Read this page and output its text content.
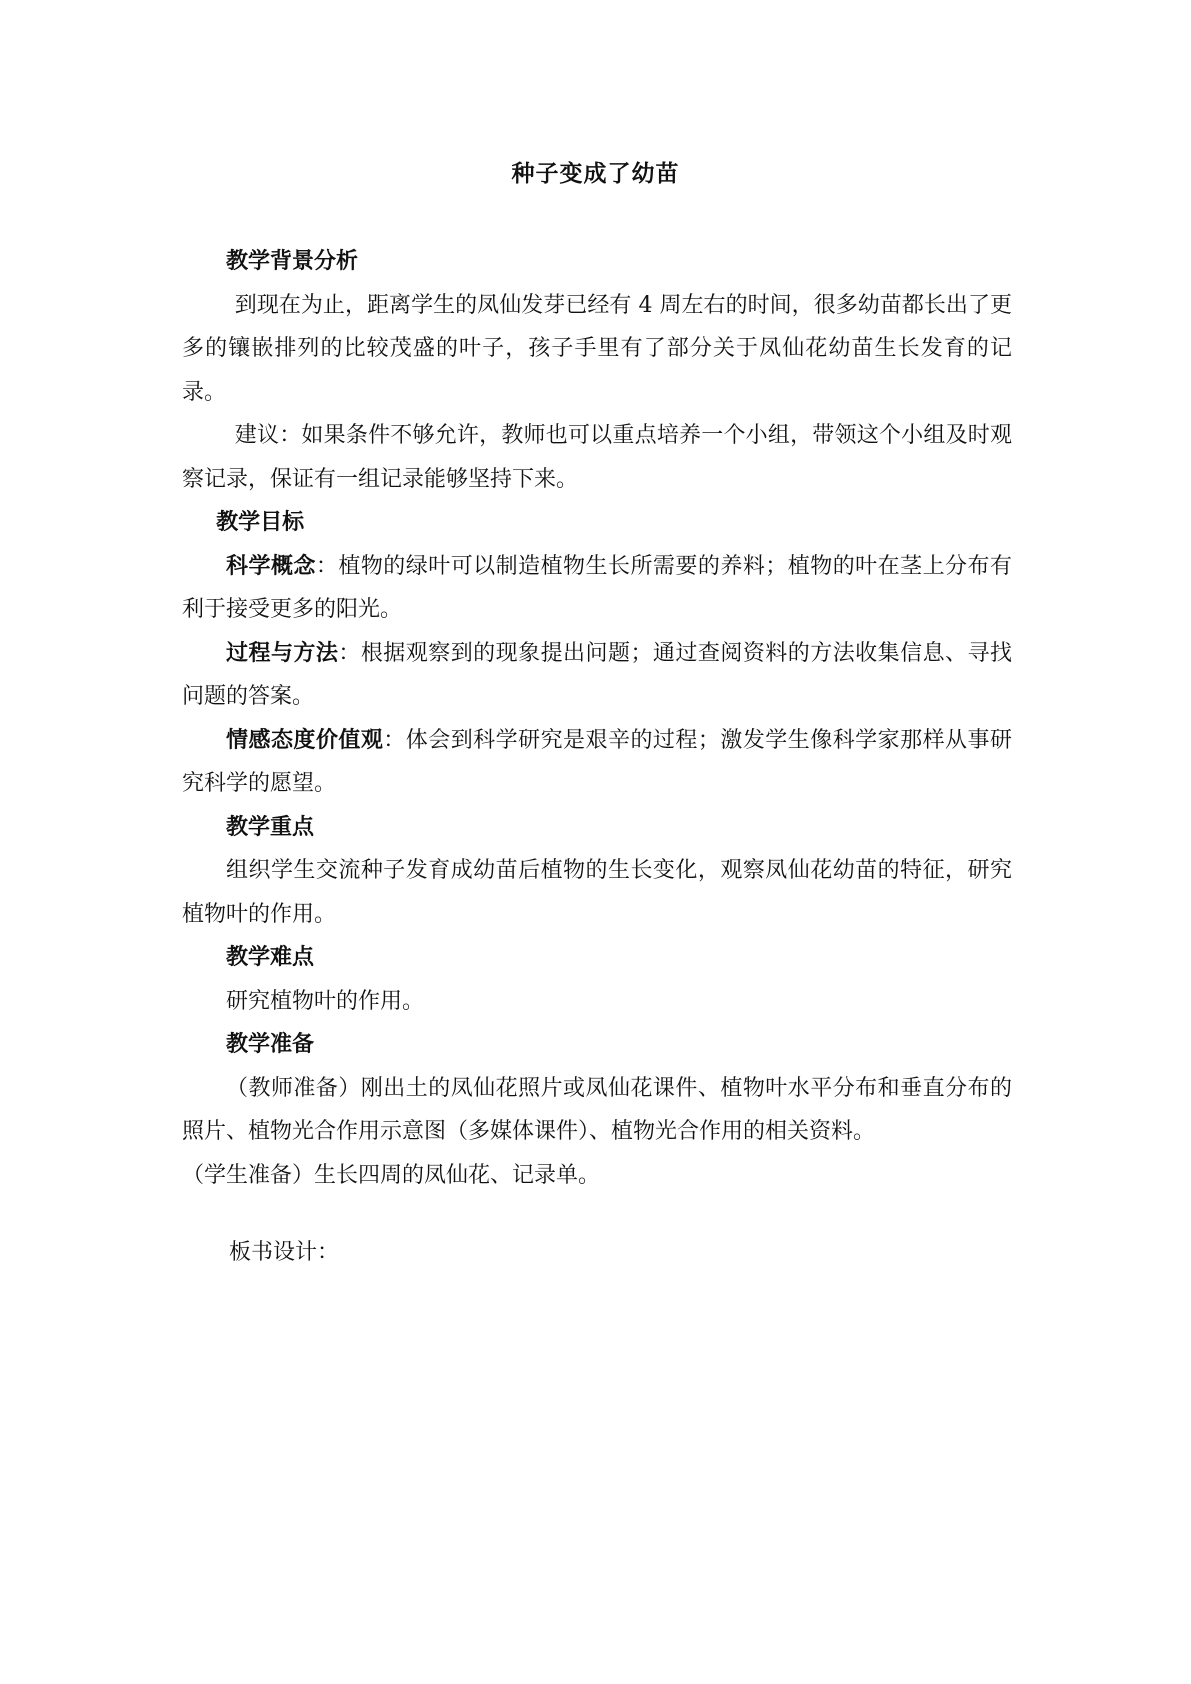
种子变成了幼苗
教学背景分析

到现在为止，距离学生的凤仙发芽已经有 4 周左右的时间，很多幼苗都长出了更多的镶嵌排列的比较茂盛的叶子，孩子手里有了部分关于凤仙花幼苗生长发育的记录。

建议：如果条件不够允许，教师也可以重点培养一个小组，带领这个小组及时观察记录，保证有一组记录能够坚持下来。

教学目标

科学概念：植物的绿叶可以制造植物生长所需要的养料；植物的叶在茎上分布有利于接受更多的阳光。

过程与方法：根据观察到的现象提出问题；通过查阅资料的方法收集信息、寻找问题的答案。

情感态度价值观：体会到科学研究是艰辛的过程；激发学生像科学家那样从事研究科学的愿望。

教学重点

组织学生交流种子发育成幼苗后植物的生长变化，观察凤仙花幼苗的特征，研究植物叶的作用。

教学难点

研究植物叶的作用。

教学准备

（教师准备）刚出土的凤仙花照片或凤仙花课件、植物叶水平分布和垂直分布的照片、植物光合作用示意图（多媒体课件）、植物光合作用的相关资料。

（学生准备）生长四周的凤仙花、记录单。

板书设计：
